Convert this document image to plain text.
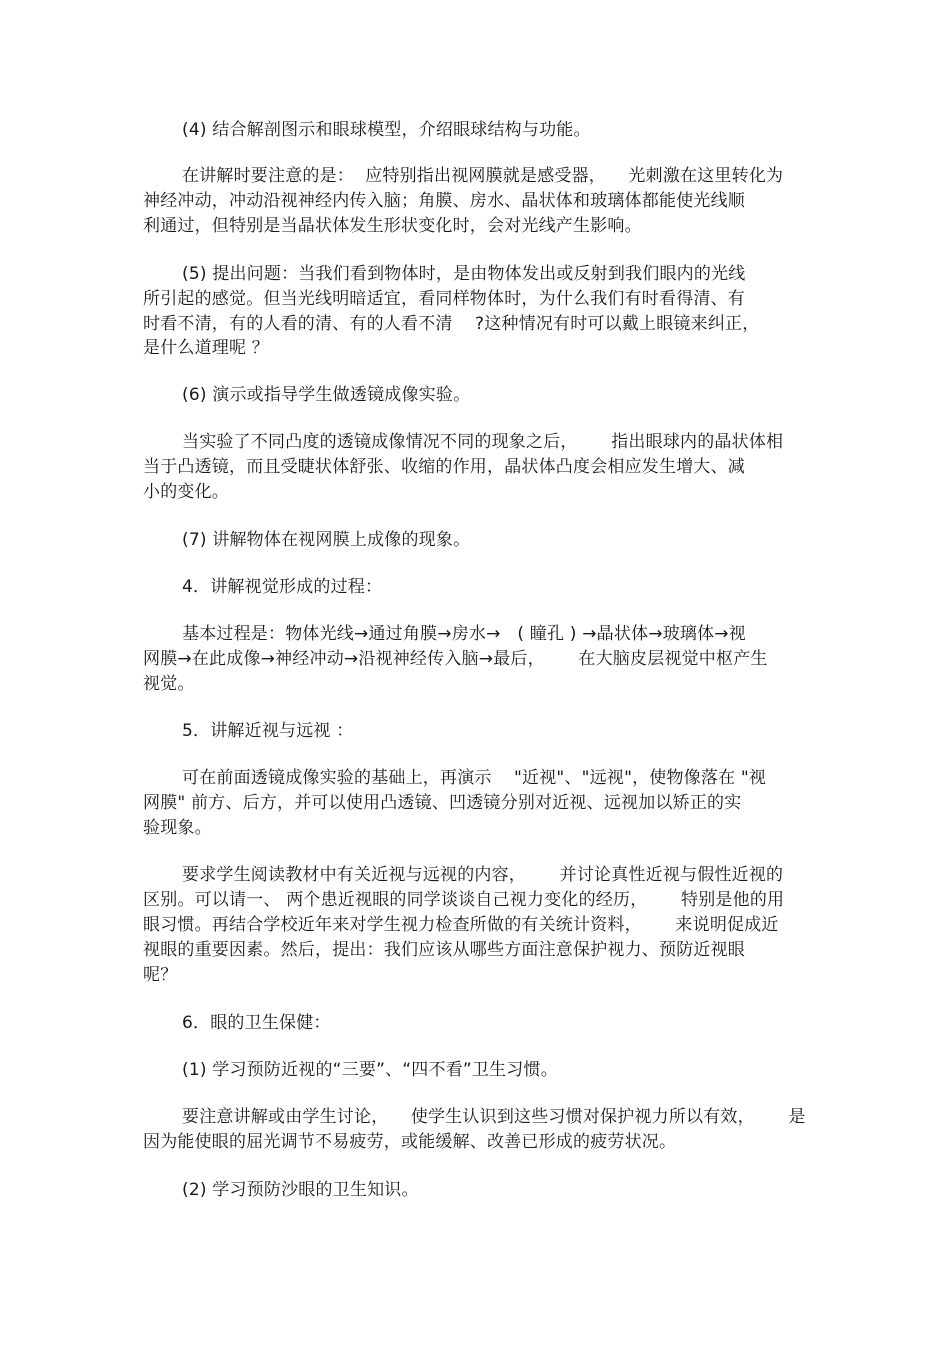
(4) 结合解剖图示和眼球模型，介绍眼球结构与功能。
在讲解时要注意的是：  应特别指出视网膜就是感受器，    光刺激在这里转化为
神经冲动，冲动沿视神经内传入脑；角膜、房水、晶状体和玻璃体都能使光线顺
利通过，但特别是当晶状体发生形状变化时，会对光线产生影响。
(5) 提出问题：当我们看到物体时，是由物体发出或反射到我们眼内的光线
所引起的感觉。但当光线明暗适宜，看同样物体时，为什么我们有时看得清、有
时看不清，有的人看的清、有的人看不清    ?这种情况有时可以戴上眼镜来纠正，
是什么道理呢 ？
(6) 演示或指导学生做透镜成像实验。
当实验了不同凸度的透镜成像情况不同的现象之后，      指出眼球内的晶状体相
当于凸透镜，而且受睫状体舒张、收缩的作用，晶状体凸度会相应发生增大、减
小的变化。
(7) 讲解物体在视网膜上成像的现象。
4．讲解视觉形成的过程：
基本过程是：物体光线→通过角膜→房水→   ( 瞳孔 ) →晶状体→玻璃体→视
网膜→在此成像→神经冲动→沿视神经传入脑→最后，      在大脑皮层视觉中枢产生
视觉。
5．讲解近视与远视 ：
可在前面透镜成像实验的基础上，再演示    "近视"、"远视"，使物像落在 "视
网膜" 前方、后方，并可以使用凸透镜、凹透镜分别对近视、远视加以矫正的实
验现象。
要求学生阅读教材中有关近视与远视的内容，      并讨论真性近视与假性近视的
区别。可以请一、 两个患近视眼的同学谈谈自己视力变化的经历，      特别是他的用
眼习惯。再结合学校近年来对学生视力检查所做的有关统计资料，      来说明促成近
视眼的重要因素。然后，提出：我们应该从哪些方面注意保护视力、预防近视眼
呢？
6．眼的卫生保健：
(1) 学习预防近视的“三要”、“四不看”卫生习惯。
要注意讲解或由学生讨论，    使学生认识到这些习惯对保护视力所以有效，      是
因为能使眼的屈光调节不易疲劳，或能缓解、改善已形成的疲劳状况。
(2) 学习预防沙眼的卫生知识。
